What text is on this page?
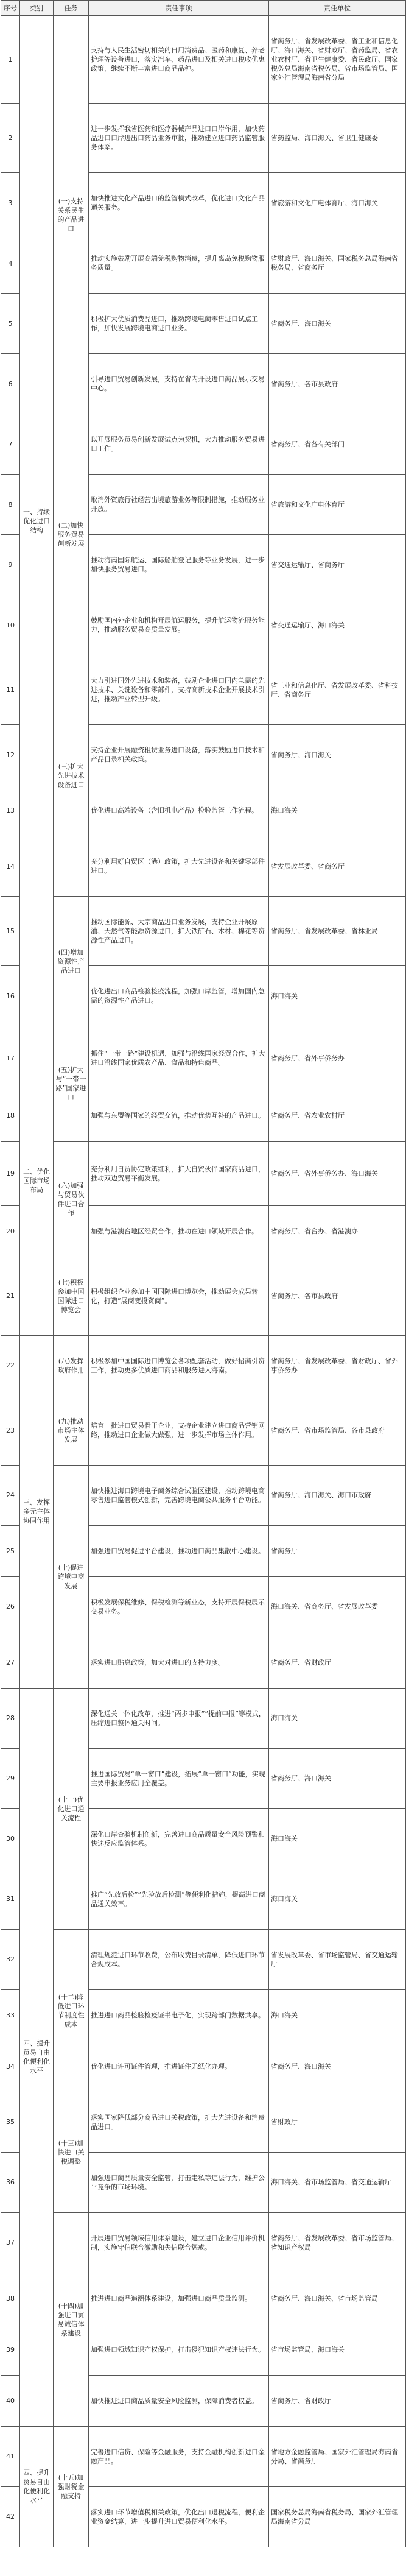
序号	类别	任务	责任事项	责任单位
1	一、持续优化进口结构	(一)支持关系民生的产品进口	支持与人民生活密切相关的日用消费品、医药和康复、养老护理等设备进口，落实汽车、药品进口及相关进口税收优惠政策，继续不断丰富进口商品品种。	省商务厅、省发展改革委、省工业和信息化厅、海口海关、省财政厅、省药监局、省农业农村厅、省卫生健康委、省民政厅、国家税务总局海南省税务局、省市场监管局、国家外汇管理局海南省分局
2			进一步发挥我省医药和医疗器械产品进口口岸作用，加快药品进口口岸进出口药品业务审批，推动建立进口药品监管服务体系。	省药监局、海口海关、省卫生健康委
3			加快推进文化产品进口的监管模式改革，优化进口文化产品通关服务。	省旅游和文化广电体育厅、海口海关
4			推动实施鼓励开展高端免税购物消费，提升离岛免税购物服务质量。	省财政厅、海口海关、国家税务总局海南省税务局、省商务厅
5			积极扩大优质消费品进口，推动跨境电商零售进口试点工作，加快发展跨境电商进口业务。	省商务厅、海口海关
6			引导进口贸易创新发展，支持在省内开设进口商品展示交易中心。	省商务厅、各市县政府
7		(二)加快服务贸易创新发展	以开展服务贸易创新发展试点为契机，大力推动服务贸易进口工作。	省商务厅、省各有关部门
8			取消外资旅行社经营出境旅游业务等限制措施，推动服务业开放。	省旅游和文化广电体育厅
9			推动海南国际航运、国际船舶登记服务等业务发展，进一步加快服务贸易进口。	省交通运输厅、省商务厅
10			鼓励国内外企业和机构开展航运服务，提升航运物流服务能力，推动服务贸易高质量发展。	省交通运输厅、海口海关
11		(三)扩大先进技术设备进口	大力引进国外先进技术和装备，鼓励企业进口国内急需的先进技术、关键设备和零部件，支持高新技术企业开展技术引进，推动产业转型升级。	省工业和信息化厅、省发展改革委、省科技厅、省商务厅
12			支持企业开展融资租赁业务进口设备，落实鼓励进口技术和产品目录相关政策。	省商务厅、海口海关
13			优化进口高端设备（含旧机电产品）检验监管工作流程。	海口海关
14			充分利用好自贸区（港）政策，扩大先进设备和关键零部件进口。	省发展改革委、省商务厅
15		(四)增加资源性产品进口	推动国际能源、大宗商品进口业务发展，支持企业开展原油、天然气等能源资源进口，扩大铁矿石、木材、棉花等资源性产品进口。	省商务厅、省发展改革委、省林业局
16			优化进出口商品检验检疫流程，加强口岸监管，增加国内急需的资源性产品进口。	海口海关
17	二、优化国际市场布局	(五)扩大与“一带一路”国家进口	抓住“一带一路”建设机遇，加强与沿线国家经贸合作，扩大进口沿线国家优质农产品、食品和特色商品。	省商务厅、省外事侨务办
18			加强与东盟等国家的经贸交流，推动优势互补的产品进口。	省商务厅、省农业农村厅
19		(六)加强与贸易伙伴进口合作	充分利用自贸协定政策红利，扩大自贸伙伴国家商品进口，推动双边贸易平衡发展。	省商务厅、省外事侨务办、海口海关
20			加强与港澳台地区经贸合作，推动在进口领域开展合作。	省商务厅、省台办、省港澳办
21		(七)积极参加中国国际进口博览会	积极组织企业参加中国国际进口博览会，推动展会成果转化，打造“展商变投资商”。	省商务厅、各市县政府
22	三、发挥多元主体协同作用	(八)发挥政府作用	积极参加中国国际进口博览会各项配套活动，做好招商引资工作，推动更多优质进口商品和服务进入海南。	省商务厅、省发展改革委、省财政厅、省外事侨务办
23		(九)推动市场主体发展	培育一批进口贸易骨干企业，支持企业建立进口商品营销网络，推动进口企业做大做强，进一步发挥市场主体作用。	省商务厅、省市场监管局、各市县政府
24		(十)促进跨境电商发展	加快推进海口跨境电子商务综合试验区建设，推动跨境电商零售进口监管模式创新，完善跨境电商公共服务平台功能。	省商务厅、海口海关、海口市政府
25			加强进口贸易促进平台建设，推动进口商品集散中心建设。	省商务厅
26			积极发展保税维修、保税检测等新业态，支持开展保税展示交易业务。	海口海关、省商务厅、省发展改革委
27			落实进口贴息政策，加大对进口的支持力度。	省商务厅、省财政厅
28	四、提升贸易自由化便利化水平	(十一)优化进口通关流程	深化通关一体化改革，推进“两步申报”“提前申报”等模式，压缩进口整体通关时间。	海口海关
29			推进国际贸易“单一窗口”建设，拓展“单一窗口”功能，实现主要申报业务应用全覆盖。	省商务厅、海口海关
30			深化口岸查验机制创新，完善进口商品质量安全风险预警和快速反应监管体系。	海口海关
31			推广“先放后检”“先验放后检测”等便利化措施，提高进口商品通关效率。	海口海关
32		(十二)降低进口环节制度性成本	清理规范进口环节收费，公布收费目录清单，降低进口环节合规成本。	省发展改革委、省市场监管局、省交通运输厅
33			推进进口商品检验检疫证书电子化，实现跨部门数据共享。	海口海关
34			优化进口许可证件管理，推进证件无纸化办理。	省商务厅、海口海关
35		(十三)加快进口关税调整	落实国家降低部分商品进口关税政策，扩大先进设备和消费品进口。	省财政厅
36			加强进口商品质量安全监管，打击走私等违法行为，维护公平竞争的市场环境。	海口海关、省市场监管局、省交通运输厅
37		(十四)加强进口贸易诚信体系建设	开展进口贸易领域信用体系建设，建立进口企业信用评价机制，实施守信联合激励和失信联合惩戒。	省商务厅、省发展改革委、省市场监管局、省知识产权局
38			推进进口商品追溯体系建设，加强进口商品质量监测。	省商务厅、海口海关、省市场监管局
39			加强进口领域知识产权保护，打击侵犯知识产权违法行为。	省市场监管局、海口海关
40			加快推进进口商品质量安全风险监测，保障消费者权益。	省商务厅、省财政厅
41	四、提升贸易自由化便利化水平	(十五)加强财税金融支持	完善进口信贷、保险等金融服务，支持金融机构创新进口金融产品。	省地方金融监管局、国家外汇管理局海南省分局、省商务厅
42			落实进口环节增值税相关政策，优化出口退税流程，便利企业资金结算，进一步提升进口贸易便利化水平。	国家税务总局海南省税务局、国家外汇管理局海南省分局
